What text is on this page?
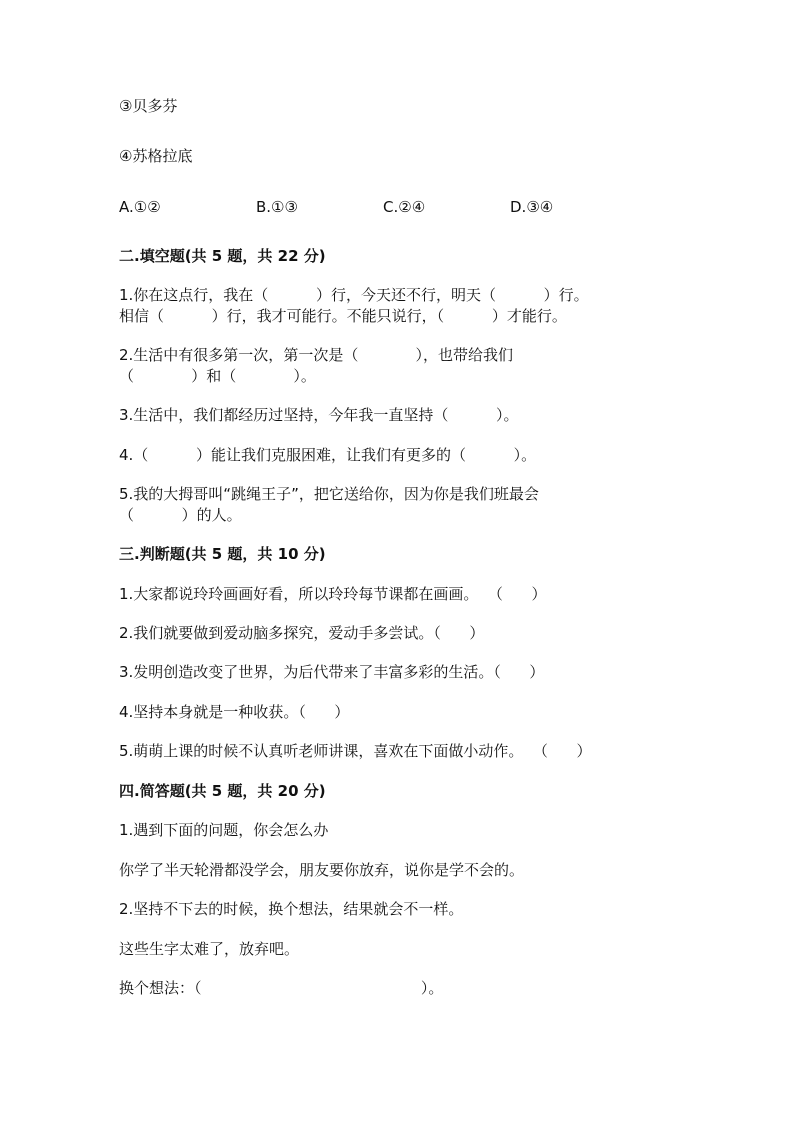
③贝多芬

④苏格拉底

A.①②

	B.①③

	C.②④

	D.③④

二.填空题(共 5 题，共 22 分)

1.你在这点行，我在（          ）行，今天还不行，明天（          ）行。

相信（          ）行，我才可能行。不能只说行，（          ）才能行。

2.生活中有很多第一次，第一次是（            ），也带给我们

（            ）和（            ）。

3.生活中，我们都经历过坚持，今年我一直坚持（          ）。

4.（          ）能让我们克服困难，让我们有更多的（          ）。

5.我的大拇哥叫“跳绳王子”，把它送给你，因为你是我们班最会

（          ）的人。

三.判断题(共 5 题，共 10 分)

1.大家都说玲玲画画好看，所以玲玲每节课都在画画。  （      ）

2.我们就要做到爱动脑多探究，爱动手多尝试。（      ）

3.发明创造改变了世界，为后代带来了丰富多彩的生活。（      ）

4.坚持本身就是一种收获。（      ）

5.萌萌上课的时候不认真听老师讲课，喜欢在下面做小动作。  （      ）

四.简答题(共 5 题，共 20 分)

1.遇到下面的问题，你会怎么办

你学了半天轮滑都没学会，朋友要你放弃，说你是学不会的。

2.坚持不下去的时候，换个想法，结果就会不一样。

这些生字太难了，放弃吧。

换个想法：（                                              ）。
